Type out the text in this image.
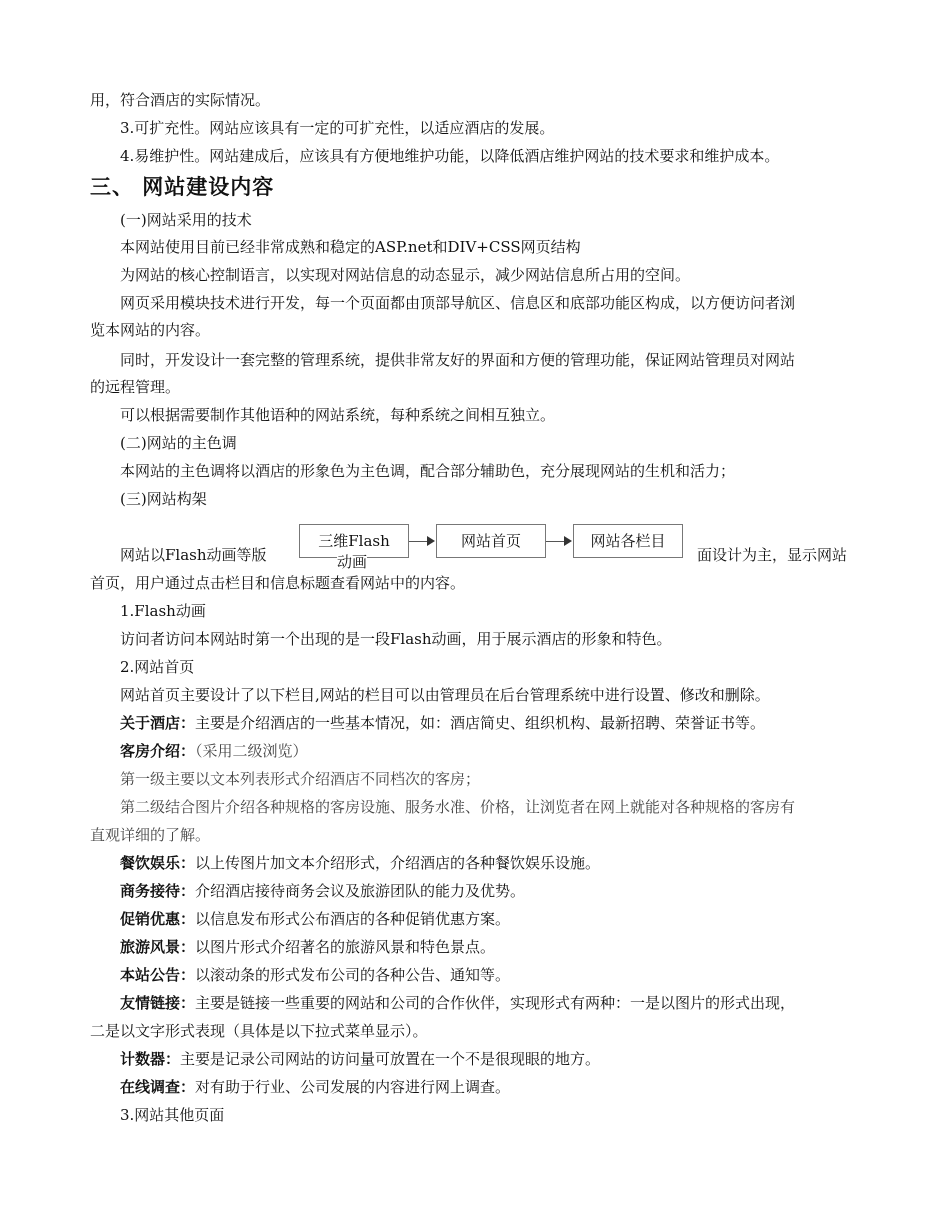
用，符合酒店的实际情况。
3.可扩充性。网站应该具有一定的可扩充性，以适应酒店的发展。
4.易维护性。网站建成后，应该具有方便地维护功能，以降低酒店维护网站的技术要求和维护成本。
三、 网站建设内容
(一)网站采用的技术
本网站使用目前已经非常成熟和稳定的ASP.net和DIV+CSS网页结构
为网站的核心控制语言，以实现对网站信息的动态显示，减少网站信息所占用的空间。
网页采用模块技术进行开发，每一个页面都由顶部导航区、信息区和底部功能区构成，以方便访问者浏
览本网站的内容。
同时，开发设计一套完整的管理系统，提供非常友好的界面和方便的管理功能，保证网站管理员对网站
的远程管理。
可以根据需要制作其他语种的网站系统，每种系统之间相互独立。
(二)网站的主色调
本网站的主色调将以酒店的形象色为主色调，配合部分辅助色，充分展现网站的生机和活力；
(三)网站构架
网站以Flash动画等版
三维Flash
动画
网站首页	网站各栏目
面设计为主，显示网站
首页，用户通过点击栏目和信息标题查看网站中的内容。
1.Flash动画
访问者访问本网站时第一个出现的是一段Flash动画，用于展示酒店的形象和特色。
2.网站首页
网站首页主要设计了以下栏目,网站的栏目可以由管理员在后台管理系统中进行设置、修改和删除。
关于酒店：主要是介绍酒店的一些基本情况，如：酒店简史、组织机构、最新招聘、荣誉证书等。
客房介绍：（采用二级浏览）
第一级主要以文本列表形式介绍酒店不同档次的客房；
第二级结合图片介绍各种规格的客房设施、服务水准、价格，让浏览者在网上就能对各种规格的客房有
直观详细的了解。
餐饮娱乐：以上传图片加文本介绍形式，介绍酒店的各种餐饮娱乐设施。
商务接待：介绍酒店接待商务会议及旅游团队的能力及优势。
促销优惠：以信息发布形式公布酒店的各种促销优惠方案。
旅游风景：以图片形式介绍著名的旅游风景和特色景点。
本站公告：以滚动条的形式发布公司的各种公告、通知等。
友情链接：主要是链接一些重要的网站和公司的合作伙伴，实现形式有两种：一是以图片的形式出现，
二是以文字形式表现（具体是以下拉式菜单显示）。
计数器：主要是记录公司网站的访问量可放置在一个不是很现眼的地方。
在线调查：对有助于行业、公司发展的内容进行网上调查。
3.网站其他页面
